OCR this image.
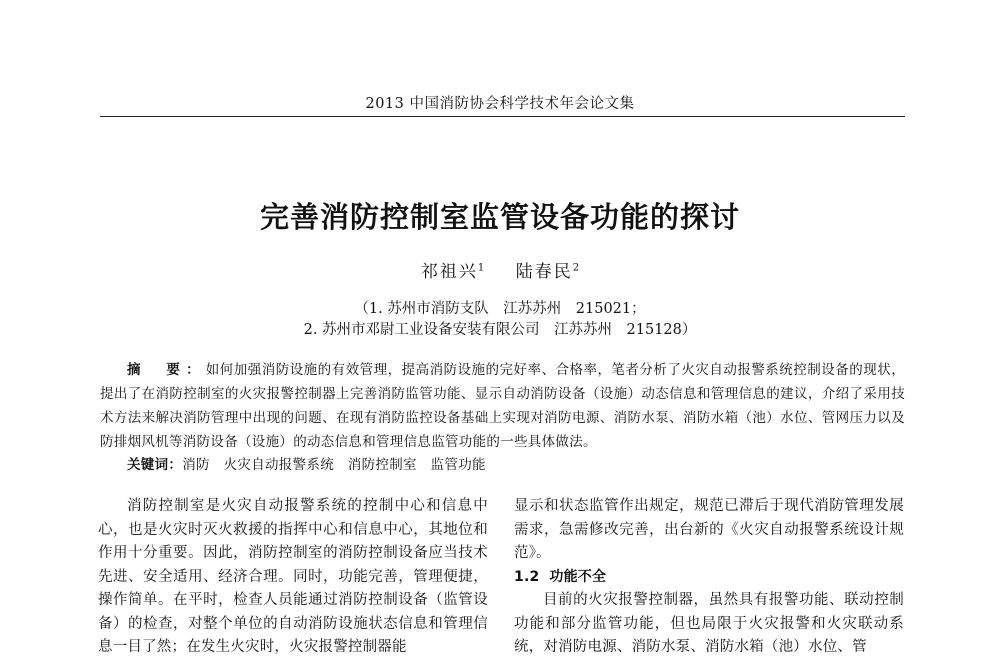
2013 中国消防协会科学技术年会论文集
完善消防控制室监管设备功能的探讨
祁祖兴$^1$ 陆春民$^2$
（1. 苏州市消防支队　江苏苏州　215021；
2. 苏州市邓尉工业设备安装有限公司　江苏苏州　215128）
摘　要：如何加强消防设施的有效管理，提高消防设施的完好率、合格率，笔者分析了火灾自动报警系统控制设备的现状，提出了在消防控制室的火灾报警控制器上完善消防监管功能、显示自动消防设备（设施）动态信息和管理信息的建议，介绍了采用技术方法来解决消防管理中出现的问题、在现有消防监控设备基础上实现对消防电源、消防水泵、消防水箱（池）水位、管网压力以及防排烟风机等消防设备（设施）的动态信息和管理信息监管功能的一些具体做法。
关键词：消防　火灾自动报警系统　消防控制室　监管功能
消防控制室是火灾自动报警系统的控制中心和信息中心，也是火灾时灭火救援的指挥中心和信息中心，其地位和作用十分重要。因此，消防控制室的消防控制设备应当技术先进、安全适用、经济合理。同时，功能完善，管理便捷，操作简单。在平时，检查人员能通过消防控制设备（监管设备）的检查，对整个单位的自动消防设施状态信息和管理信息一目了然；在发生火灾时，火灾报警控制器能
显示和状态监管作出规定，规范已滞后于现代消防管理发展需求，急需修改完善，出台新的《火灾自动报警系统设计规范》。
1.2 功能不全
目前的火灾报警控制器，虽然具有报警功能、联动控制功能和部分监管功能，但也局限于火灾报警和火灾联动系统，对消防电源、消防水泵、消防水箱（池）水位、管
